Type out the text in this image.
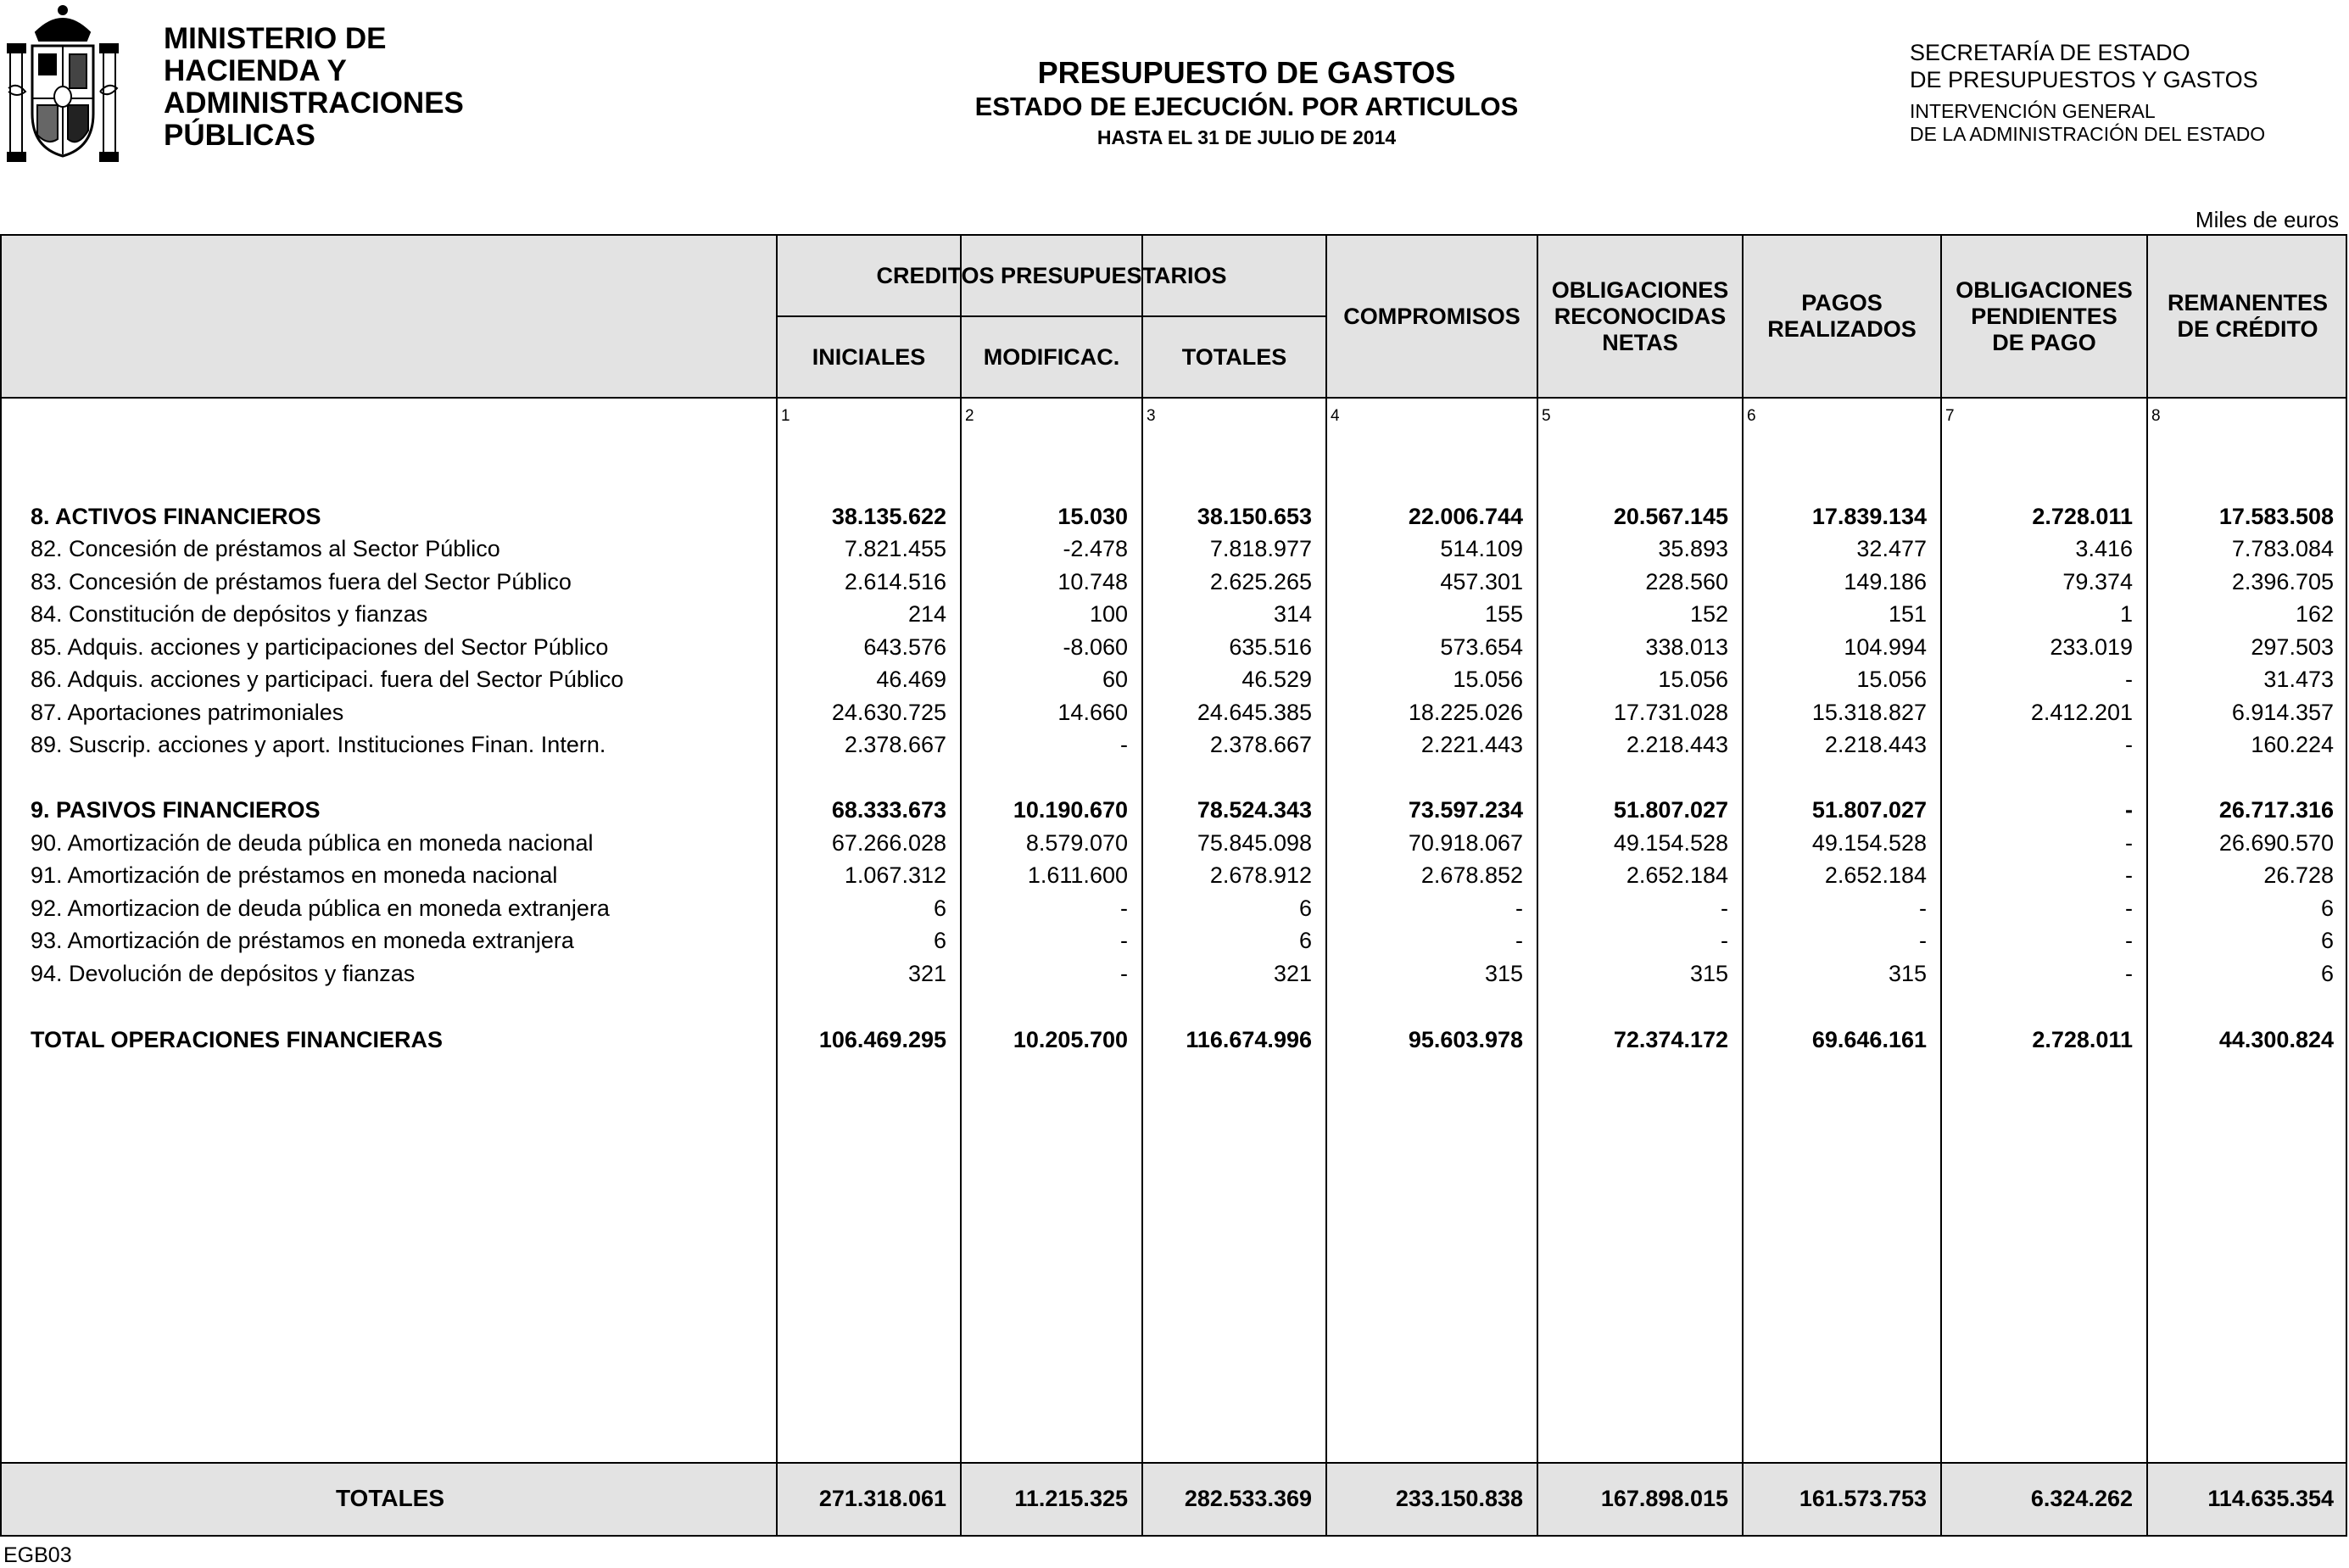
MINISTERIO DE
HACIENDA Y
ADMINISTRACIONES
PÚBLICAS
PRESUPUESTO DE GASTOS
ESTADO DE EJECUCIÓN. POR ARTICULOS
HASTA EL 31 DE JULIO DE 2014
SECRETARÍA DE ESTADO
DE PRESUPUESTOS Y GASTOS
INTERVENCIÓN GENERAL
DE LA ADMINISTRACIÓN DEL ESTADO
Miles de euros
CREDITOS PRESUPUESTARIOS
INICIALES	MODIFICAC.	TOTALES
COMPROMISOS
OBLIGACIONES
RECONOCIDAS
NETAS
PAGOS
REALIZADOS
OBLIGACIONES
PENDIENTES
DE PAGO
REMANENTES
DE CRÉDITO
1	2	3	4	5	6	7	8
8. ACTIVOS FINANCIEROS	38.135.622	15.030	38.150.653	22.006.744	20.567.145	17.839.134	2.728.011	17.583.508
82. Concesión de préstamos al Sector Público	7.821.455	-2.478	7.818.977	514.109	35.893	32.477	3.416	7.783.084
83. Concesión de préstamos fuera del Sector Público	2.614.516	10.748	2.625.265	457.301	228.560	149.186	79.374	2.396.705
84. Constitución de depósitos y fianzas	214	100	314	155	152	151	1	162
85. Adquis. acciones y participaciones del Sector Público	643.576	-8.060	635.516	573.654	338.013	104.994	233.019	297.503
86. Adquis. acciones y participaci. fuera del Sector Público	46.469	60	46.529	15.056	15.056	15.056	-	31.473
87. Aportaciones patrimoniales	24.630.725	14.660	24.645.385	18.225.026	17.731.028	15.318.827	2.412.201	6.914.357
89. Suscrip. acciones y aport. Instituciones Finan. Intern.	2.378.667	-	2.378.667	2.221.443	2.218.443	2.218.443	-	160.224
9. PASIVOS FINANCIEROS	68.333.673	10.190.670	78.524.343	73.597.234	51.807.027	51.807.027	-	26.717.316
90. Amortización de deuda pública en moneda nacional	67.266.028	8.579.070	75.845.098	70.918.067	49.154.528	49.154.528	-	26.690.570
91. Amortización de préstamos en moneda nacional	1.067.312	1.611.600	2.678.912	2.678.852	2.652.184	2.652.184	-	26.728
92. Amortizacion de deuda pública en moneda extranjera	6	-	6	-	-	-	-	6
93. Amortización de préstamos en moneda extranjera	6	-	6	-	-	-	-	6
94. Devolución de depósitos y fianzas	321	-	321	315	315	315	-	6
TOTAL OPERACIONES FINANCIERAS	106.469.295	10.205.700	116.674.996	95.603.978	72.374.172	69.646.161	2.728.011	44.300.824
TOTALES	271.318.061	11.215.325	282.533.369	233.150.838	167.898.015	161.573.753	6.324.262	114.635.354
EGB03
